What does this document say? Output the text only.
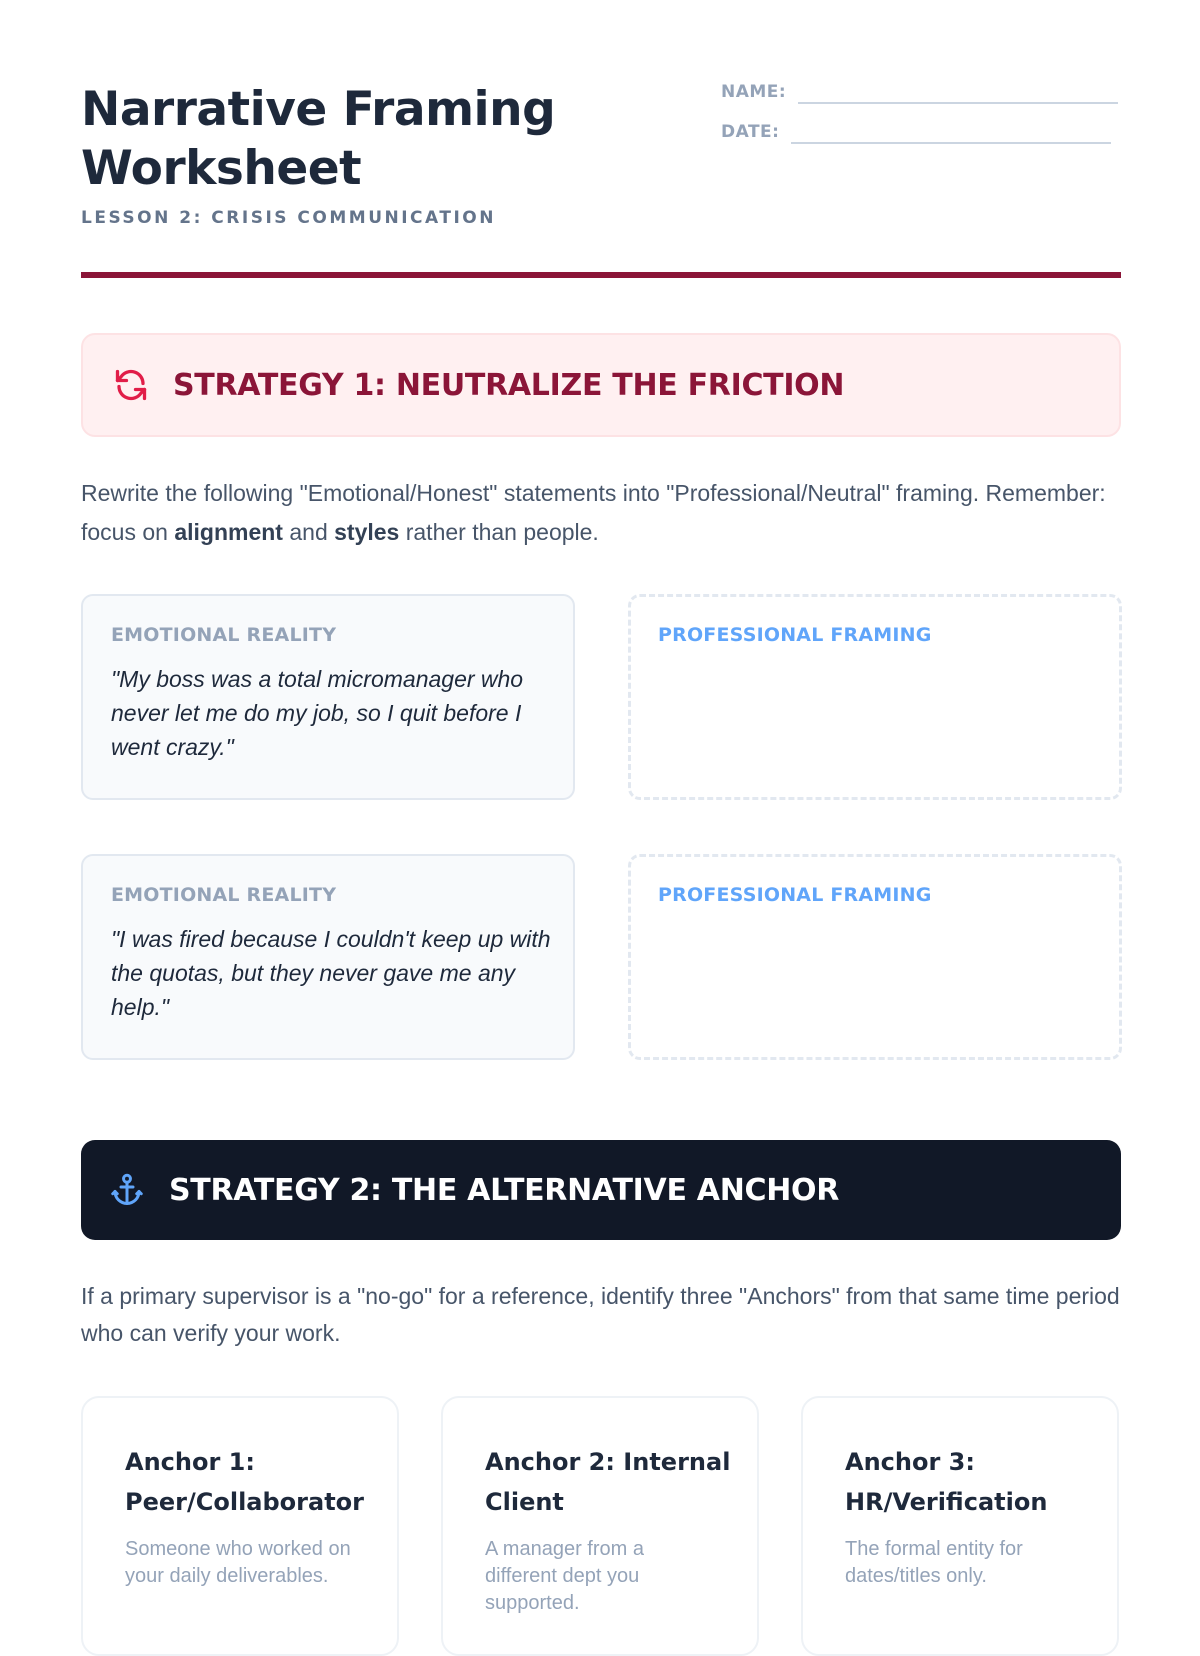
Narrative Framing Worksheet
LESSON 2: CRISIS COMMUNICATION
NAME:
DATE:
STRATEGY 1: NEUTRALIZE THE FRICTION

Rewrite the following "Emotional/Honest" statements into "Professional/Neutral" framing. Remember: focus on alignment and styles rather than people.

EMOTIONAL REALITY
"My boss was a total micromanager who never let me do my job, so I quit before I went crazy."
PROFESSIONAL FRAMING
EMOTIONAL REALITY
"I was fired because I couldn't keep up with the quotas, but they never gave me any help."
PROFESSIONAL FRAMING
STRATEGY 2: THE ALTERNATIVE ANCHOR

If a primary supervisor is a "no-go" for a reference, identify three "Anchors" from that same time period who can verify your work.

Anchor 1: Peer/Collaborator
Someone who worked on your daily deliverables.
Anchor 2: Internal Client
A manager from a different dept you supported.
Anchor 3: HR/Verification
The formal entity for dates/titles only.
